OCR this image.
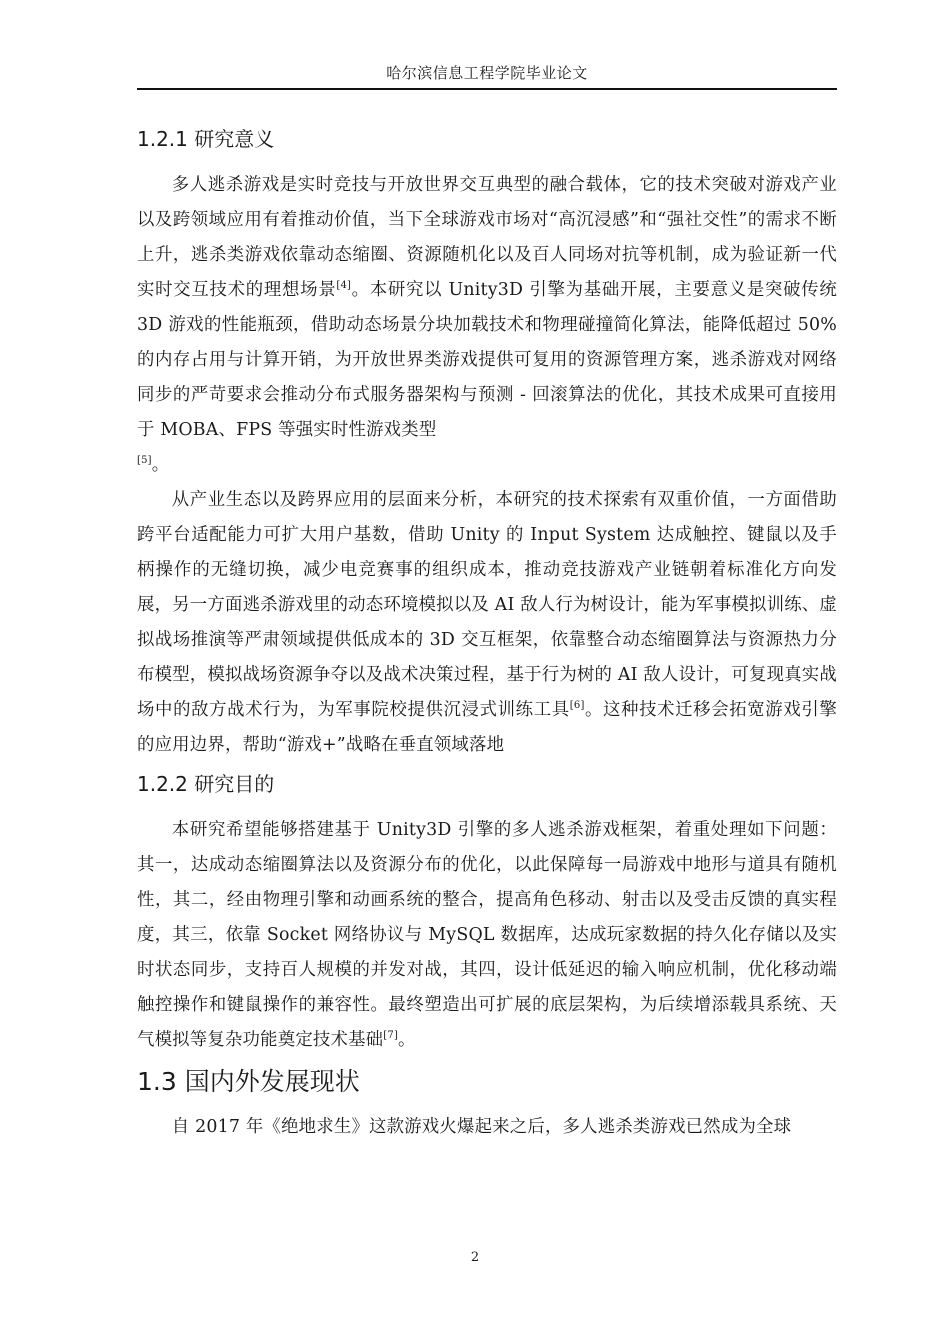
哈尔滨信息工程学院毕业论文
1.2.1 研究意义

多人逃杀游戏是实时竞技与开放世界交互典型的融合载体，它的技术突破对游戏产业以及跨领域应用有着推动价值，当下全球游戏市场对“高沉浸感”和“强社交性”的需求不断上升，逃杀类游戏依靠动态缩圈、资源随机化以及百人同场对抗等机制，成为验证新一代实时交互技术的理想场景[4]。本研究以 Unity3D 引擎为基础开展，主要意义是突破传统 3D 游戏的性能瓶颈，借助动态场景分块加载技术和物理碰撞简化算法，能降低超过 50%的内存占用与计算开销，为开放世界类游戏提供可复用的资源管理方案，逃杀游戏对网络同步的严苛要求会推动分布式服务器架构与预测 - 回滚算法的优化，其技术成果可直接用于 MOBA、FPS 等强实时性游戏类型
[5]。

从产业生态以及跨界应用的层面来分析，本研究的技术探索有双重价值，一方面借助跨平台适配能力可扩大用户基数，借助 Unity 的 Input System 达成触控、键鼠以及手柄操作的无缝切换，减少电竞赛事的组织成本，推动竞技游戏产业链朝着标准化方向发展，另一方面逃杀游戏里的动态环境模拟以及 AI 敌人行为树设计，能为军事模拟训练、虚拟战场推演等严肃领域提供低成本的 3D 交互框架，依靠整合动态缩圈算法与资源热力分布模型，模拟战场资源争夺以及战术决策过程，基于行为树的 AI 敌人设计，可复现真实战场中的敌方战术行为，为军事院校提供沉浸式训练工具[6]。这种技术迁移会拓宽游戏引擎的应用边界，帮助“游戏+”战略在垂直领域落地

1.2.2 研究目的

本研究希望能够搭建基于 Unity3D 引擎的多人逃杀游戏框架，着重处理如下问题：其一，达成动态缩圈算法以及资源分布的优化，以此保障每一局游戏中地形与道具有随机性，其二，经由物理引擎和动画系统的整合，提高角色移动、射击以及受击反馈的真实程度，其三，依靠 Socket 网络协议与 MySQL 数据库，达成玩家数据的持久化存储以及实时状态同步，支持百人规模的并发对战，其四，设计低延迟的输入响应机制，优化移动端触控操作和键鼠操作的兼容性。最终塑造出可扩展的底层架构，为后续增添载具系统、天气模拟等复杂功能奠定技术基础[7]。

1.3 国内外发展现状

自 2017 年《绝地求生》这款游戏火爆起来之后，多人逃杀类游戏已然成为全球

2
